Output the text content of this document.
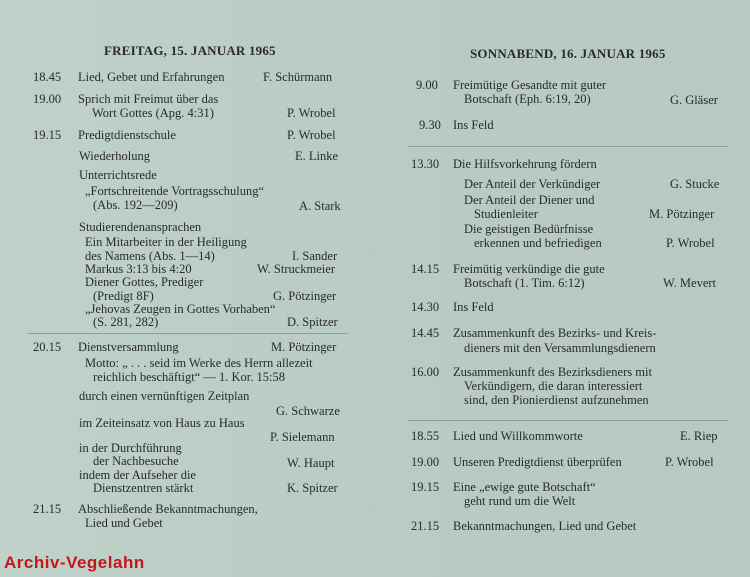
FREITAG, 15. JANUAR 1965
18.45 Lied, Gebet und Erfahrungen	F. Schürmann
19.00 Sprich mit Freimut über das
Wort Gottes (Apg. 4:31)	P. Wrobel
19.15 Predigtdienstschule	P. Wrobel
Wiederholung	E. Linke
Unterrichtsrede
„Fortschreitende Vortragsschulung“
(Abs. 192—209)	A. Stark
Studierendenansprachen
Ein Mitarbeiter in der Heiligung
des Namens (Abs. 1—14)	I. Sander
Markus 3:13 bis 4:20	W. Struckmeier
Diener Gottes, Prediger
(Predigt 8F)	G. Pötzinger
„Jehovas Zeugen in Gottes Vorhaben“
(S. 281, 282)	D. Spitzer
20.15 Dienstversammlung	M. Pötzinger
Motto: „ . . . seid im Werke des Herrn allezeit
reichlich beschäftigt“ — 1. Kor. 15:58
durch einen vernünftigen Zeitplan
G. Schwarze
im Zeiteinsatz von Haus zu Haus
P. Sielemann
in der Durchführung
der Nachbesuche	W. Haupt
indem der Aufseher die
Dienstzentren stärkt	K. Spitzer
21.15 Abschließende Bekanntmachungen,
Lied und Gebet
SONNABEND, 16. JANUAR 1965
9.00 Freimütige Gesandte mit guter
Botschaft (Eph. 6:19, 20)	G. Gläser
9.30 Ins Feld
13.30 Die Hilfsvorkehrung fördern
Der Anteil der Verkündiger	G. Stucke
Der Anteil der Diener und
Studienleiter	M. Pötzinger
Die geistigen Bedürfnisse
erkennen und befriedigen	P. Wrobel
14.15 Freimütig verkündige die gute
Botschaft (1. Tim. 6:12)	W. Mevert
14.30 Ins Feld
14.45 Zusammenkunft des Bezirks- und Kreis-
dieners mit den Versammlungsdienern
16.00 Zusammenkunft des Bezirksdieners mit
Verkündigern, die daran interessiert
sind, den Pionierdienst aufzunehmen
18.55 Lied und Willkommworte	E. Riep
19.00 Unseren Predigtdienst überprüfen	P. Wrobel
19.15 Eine „ewige gute Botschaft“
geht rund um die Welt
21.15 Bekanntmachungen, Lied und Gebet
Archiv-Vegelahn
